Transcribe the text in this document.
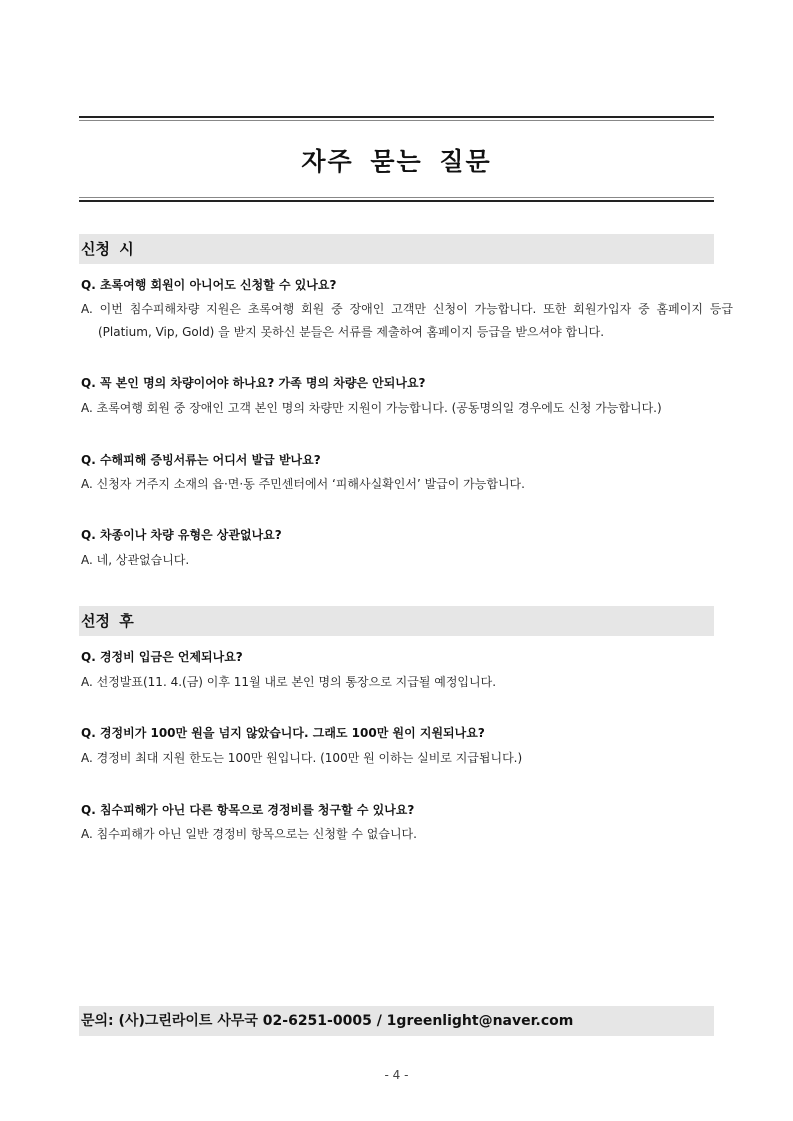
자주 묻는 질문
신청 시
Q. 초록여행 회원이 아니어도 신청할 수 있나요?
A. 이번 침수피해차량 지원은 초록여행 회원 중 장애인 고객만 신청이 가능합니다. 또한 회원가입자 중 홈페이지 등급(Platium, Vip, Gold) 을 받지 못하신 분들은 서류를 제출하여 홈페이지 등급을 받으셔야 합니다.
Q. 꼭 본인 명의 차량이어야 하나요? 가족 명의 차량은 안되나요?
A. 초록여행 회원 중 장애인 고객 본인 명의 차량만 지원이 가능합니다. (공동명의일 경우에도 신청 가능합니다.)
Q. 수해피해 증빙서류는 어디서 발급 받나요?
A. 신청자 거주지 소재의 읍·면·동 주민센터에서 ‘피해사실확인서’ 발급이 가능합니다.
Q. 차종이나 차량 유형은 상관없나요?
A. 네, 상관없습니다.
선정 후
Q. 경정비 입금은 언제되나요?
A. 선정발표(11. 4.(금) 이후 11월 내로 본인 명의 통장으로 지급될 예정입니다.
Q. 경정비가 100만 원을 넘지 않았습니다. 그래도 100만 원이 지원되나요?
A. 경정비 최대 지원 한도는 100만 원입니다. (100만 원 이하는 실비로 지급됩니다.)
Q. 침수피해가 아닌 다른 항목으로 경정비를 청구할 수 있나요?
A. 침수피해가 아닌 일반 경정비 항목으로는 신청할 수 없습니다.
문의: (사)그린라이트 사무국 02-6251-0005 / 1greenlight@naver.com
- 4 -
